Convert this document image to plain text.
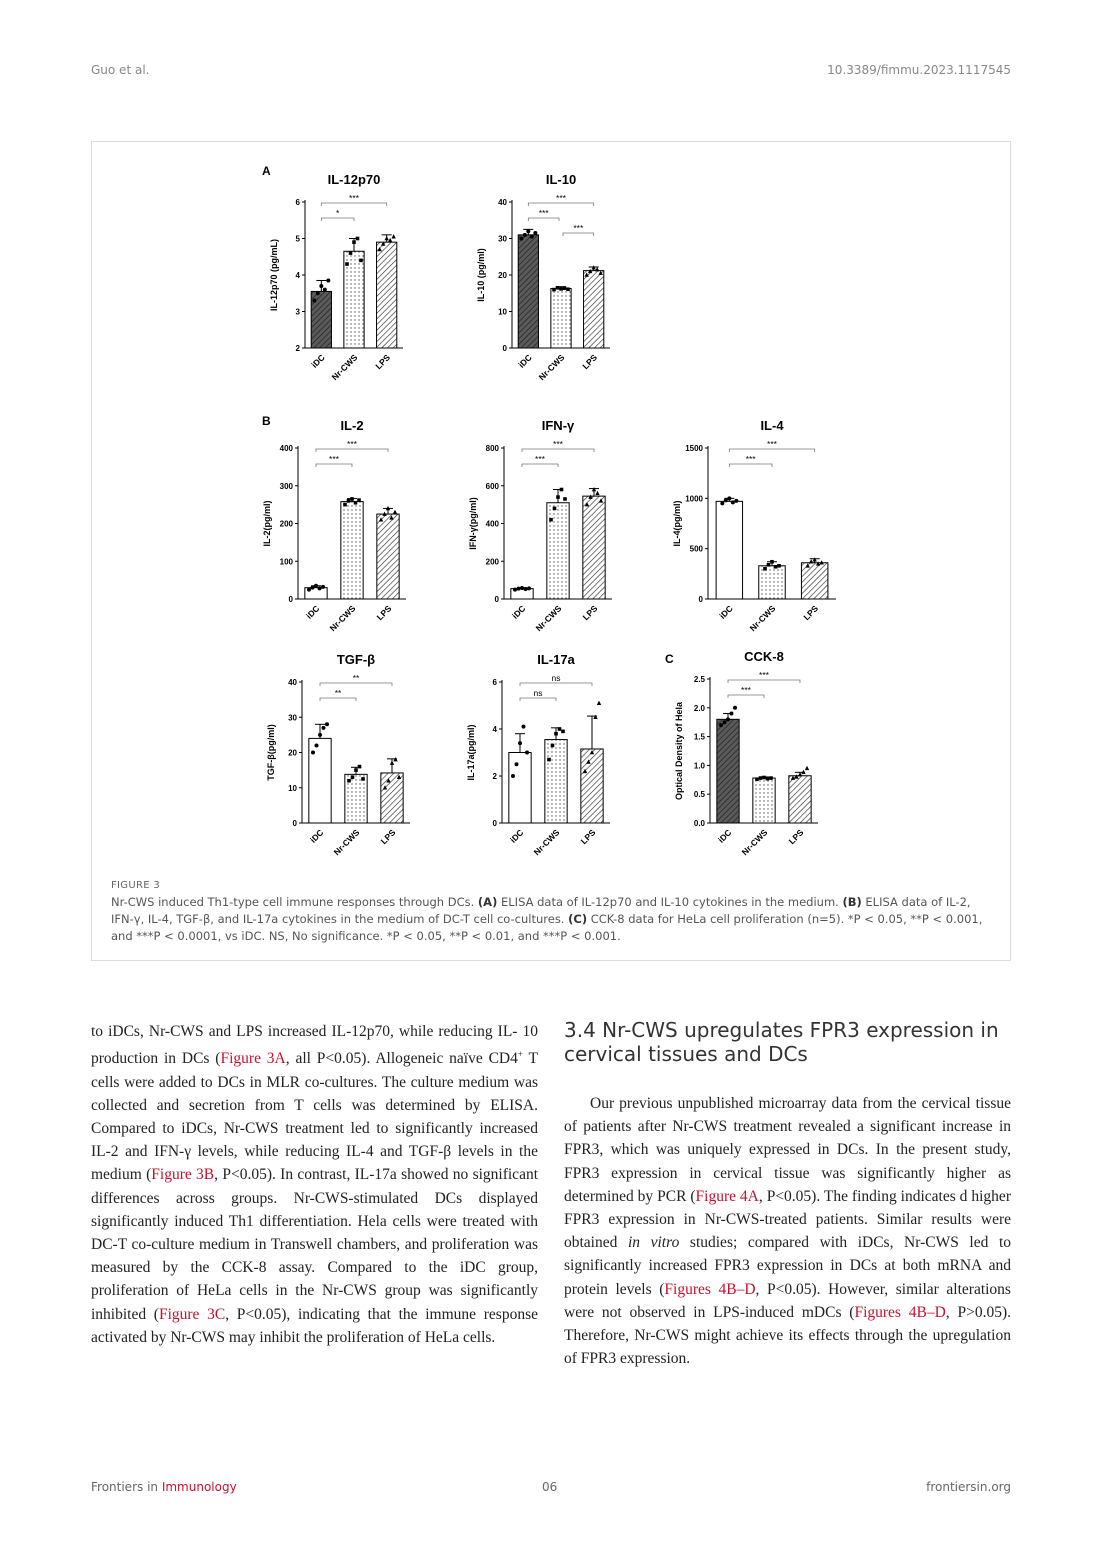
Guo et al.	10.3389/fimmu.2023.1117545
A
B
C
IL-12p70
IL-12p70 (pg/mL)
2
3
4
5
6
iDC Nr-CWS LPS
***
*
IL-10
IL-10 (pg/ml)
0
10
20
30
40
iDC Nr-CWS LPS
***
***
***
IL-2
IL-2(pg/ml)
0
100
200
300
400
iDC Nr-CWS LPS
***
***
IFN-γ
IFN-γ(pg/ml)
0
200
400
600
800
iDC Nr-CWS LPS
***
***
IL-4
IL-4(pg/ml)
0
500
1000
1500
iDC Nr-CWS	LPS
***
***
TGF-β
TGF-β(pg/ml)
0
10
20
30
40
iDC Nr-CWS LPS
**
**
IL-17a
IL-17a(pg/ml)
0
2
4
6
iDC Nr-CWS LPS
ns
ns
CCK-8
Optical Density of Hela
0.0
0.5
1.0
1.5
2.0
2.5
iDC Nr-CWS LPS
***
***
FIGURE 3
Nr-CWS induced Th1-type cell immune responses through DCs. (A) ELISA data of IL-12p70 and IL-10 cytokines in the medium. (B) ELISA data of IL-2, IFN-γ, IL-4, TGF-β, and IL-17a cytokines in the medium of DC-T cell co-cultures. (C) CCK-8 data for HeLa cell proliferation (n=5). *P < 0.05, **P < 0.001, and ***P < 0.0001, vs iDC. NS, No significance. *P < 0.05, **P < 0.01, and ***P < 0.001.

to iDCs, Nr-CWS and LPS increased IL-12p70, while reducing IL- 10 production in DCs (Figure 3A, all P<0.05). Allogeneic naïve CD4+ T cells were added to DCs in MLR co-cultures. The culture medium was collected and secretion from T cells was determined by ELISA. Compared to iDCs, Nr-CWS treatment led to significantly increased IL-2 and IFN-γ levels, while reducing IL-4 and TGF-β levels in the medium (Figure 3B, P<0.05). In contrast, IL-17a showed no significant differences across groups. Nr-CWS-stimulated DCs displayed significantly induced Th1 differentiation. Hela cells were treated with DC-T co-culture medium in Transwell chambers, and proliferation was measured by the CCK-8 assay. Compared to the iDC group, proliferation of HeLa cells in the Nr-CWS group was significantly inhibited (Figure 3C, P<0.05), indicating that the immune response activated by Nr-CWS may inhibit the proliferation of HeLa cells.

3.4 Nr-CWS upregulates FPR3 expression in cervical tissues and DCs

Our previous unpublished microarray data from the cervical tissue of patients after Nr-CWS treatment revealed a significant increase in FPR3, which was uniquely expressed in DCs. In the present study, FPR3 expression in cervical tissue was significantly higher as determined by PCR (Figure 4A, P<0.05). The finding indicates d higher FPR3 expression in Nr-CWS-treated patients. Similar results were obtained in vitro studies; compared with iDCs, Nr-CWS led to significantly increased FPR3 expression in DCs at both mRNA and protein levels (Figures 4B–D, P<0.05). However, similar alterations were not observed in LPS-induced mDCs (Figures 4B–D, P>0.05). Therefore, Nr-CWS might achieve its effects through the upregulation of FPR3 expression.

Frontiers in Immunology	06	frontiersin.org
